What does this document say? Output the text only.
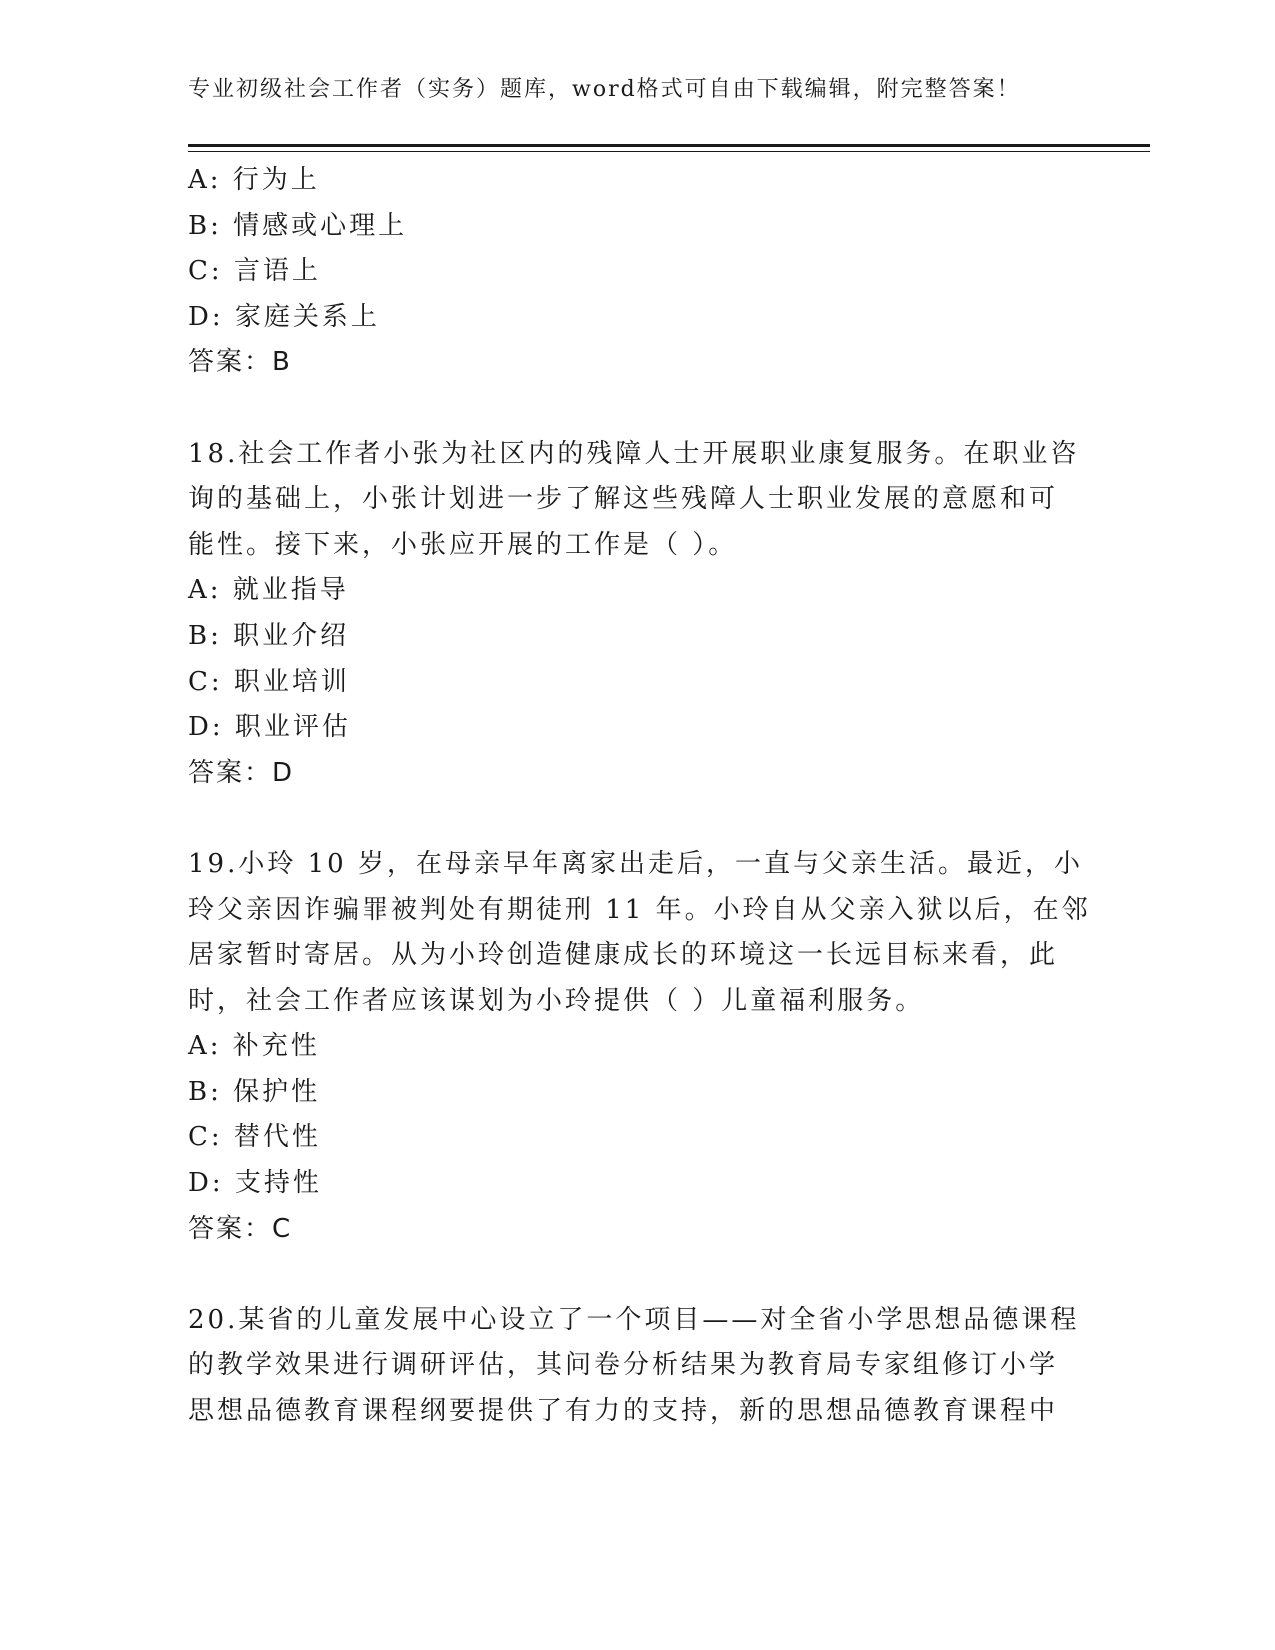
专业初级社会工作者（实务）题库，word格式可自由下载编辑，附完整答案！
A: 行为上
B: 情感或心理上
C: 言语上
D: 家庭关系上
答案：B
18.社会工作者小张为社区内的残障人士开展职业康复服务。在职业咨
询的基础上，小张计划进一步了解这些残障人士职业发展的意愿和可
能性。接下来，小张应开展的工作是（ ）。
A: 就业指导
B: 职业介绍
C: 职业培训
D: 职业评估
答案：D
19.小玲 10 岁，在母亲早年离家出走后，一直与父亲生活。最近，小
玲父亲因诈骗罪被判处有期徒刑 11 年。小玲自从父亲入狱以后，在邻
居家暂时寄居。从为小玲创造健康成长的环境这一长远目标来看，此
时，社会工作者应该谋划为小玲提供（ ）儿童福利服务。
A: 补充性
B: 保护性
C: 替代性
D: 支持性
答案：C
20.某省的儿童发展中心设立了一个项目——对全省小学思想品德课程
的教学效果进行调研评估，其问卷分析结果为教育局专家组修订小学
思想品德教育课程纲要提供了有力的支持，新的思想品德教育课程中
